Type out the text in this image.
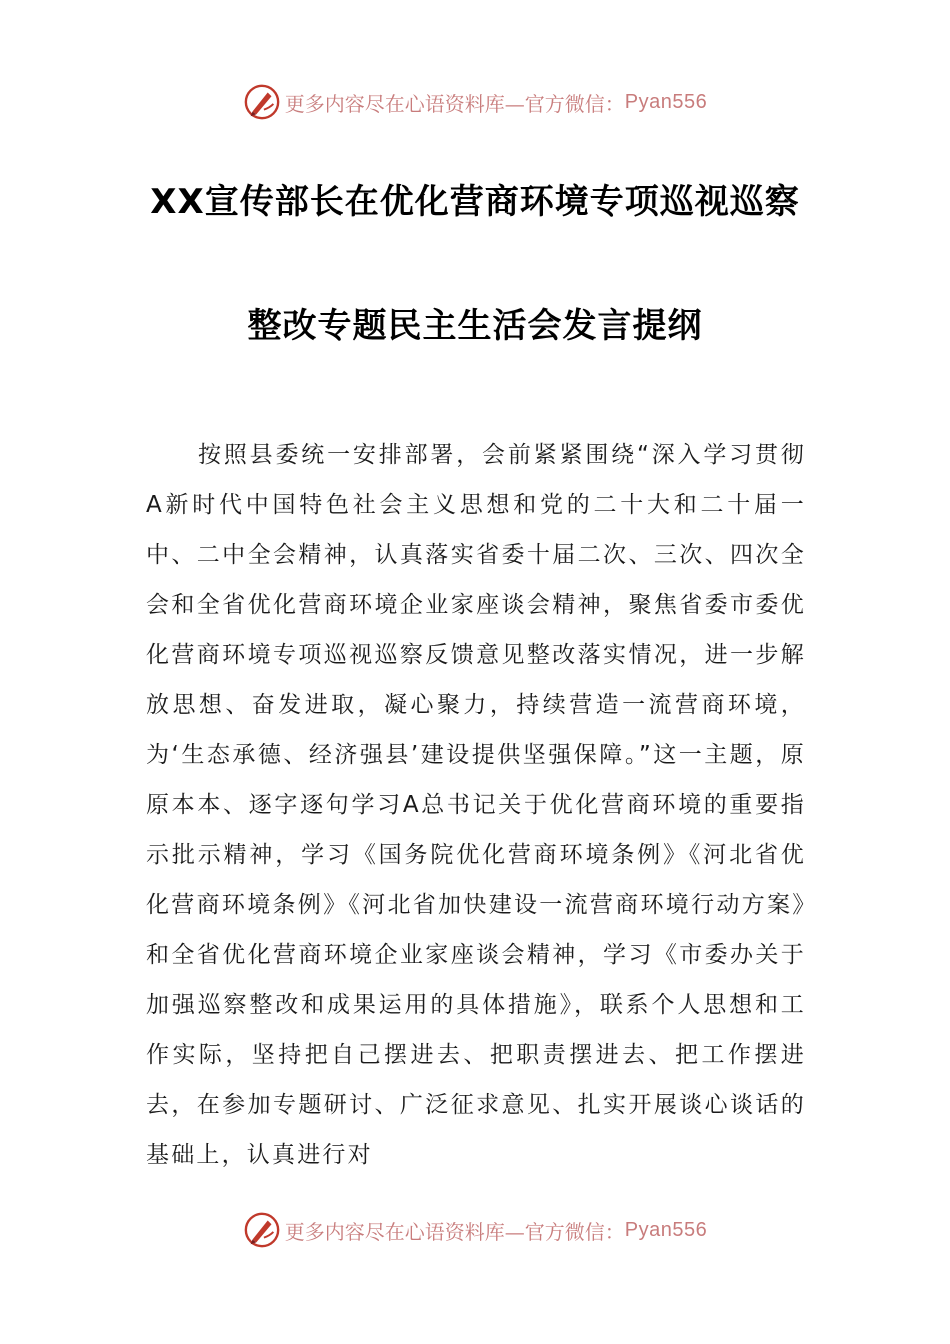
更多内容尽在心语资料库—官方微信： Pyan556
XX宣传部长在优化营商环境专项巡视巡察
整改专题民主生活会发言提纲

按照县委统一安排部署，会前紧紧围绕“深入学习贯彻A新时代中国特色社会主义思想和党的二十大和二十届一中、二中全会精神，认真落实省委十届二次、三次、四次全会和全省优化营商环境企业家座谈会精神，聚焦省委市委优化营商环境专项巡视巡察反馈意见整改落实情况，进一步解放思想、奋发进取，凝心聚力，持续营造一流营商环境，为‘生态承德、经济强县’建设提供坚强保障。”这一主题，原原本本、逐字逐句学习A总书记关于优化营商环境的重要指示批示精神，学习《国务院优化营商环境条例》《河北省优化营商环境条例》《河北省加快建设一流营商环境行动方案》和全省优化营商环境企业家座谈会精神，学习《市委办关于加强巡察整改和成果运用的具体措施》，联系个人思想和工作实际，坚持把自己摆进去、把职责摆进去、把工作摆进去，在参加专题研讨、广泛征求意见、扎实开展谈心谈话的基础上，认真进行对

更多内容尽在心语资料库—官方微信： Pyan556
